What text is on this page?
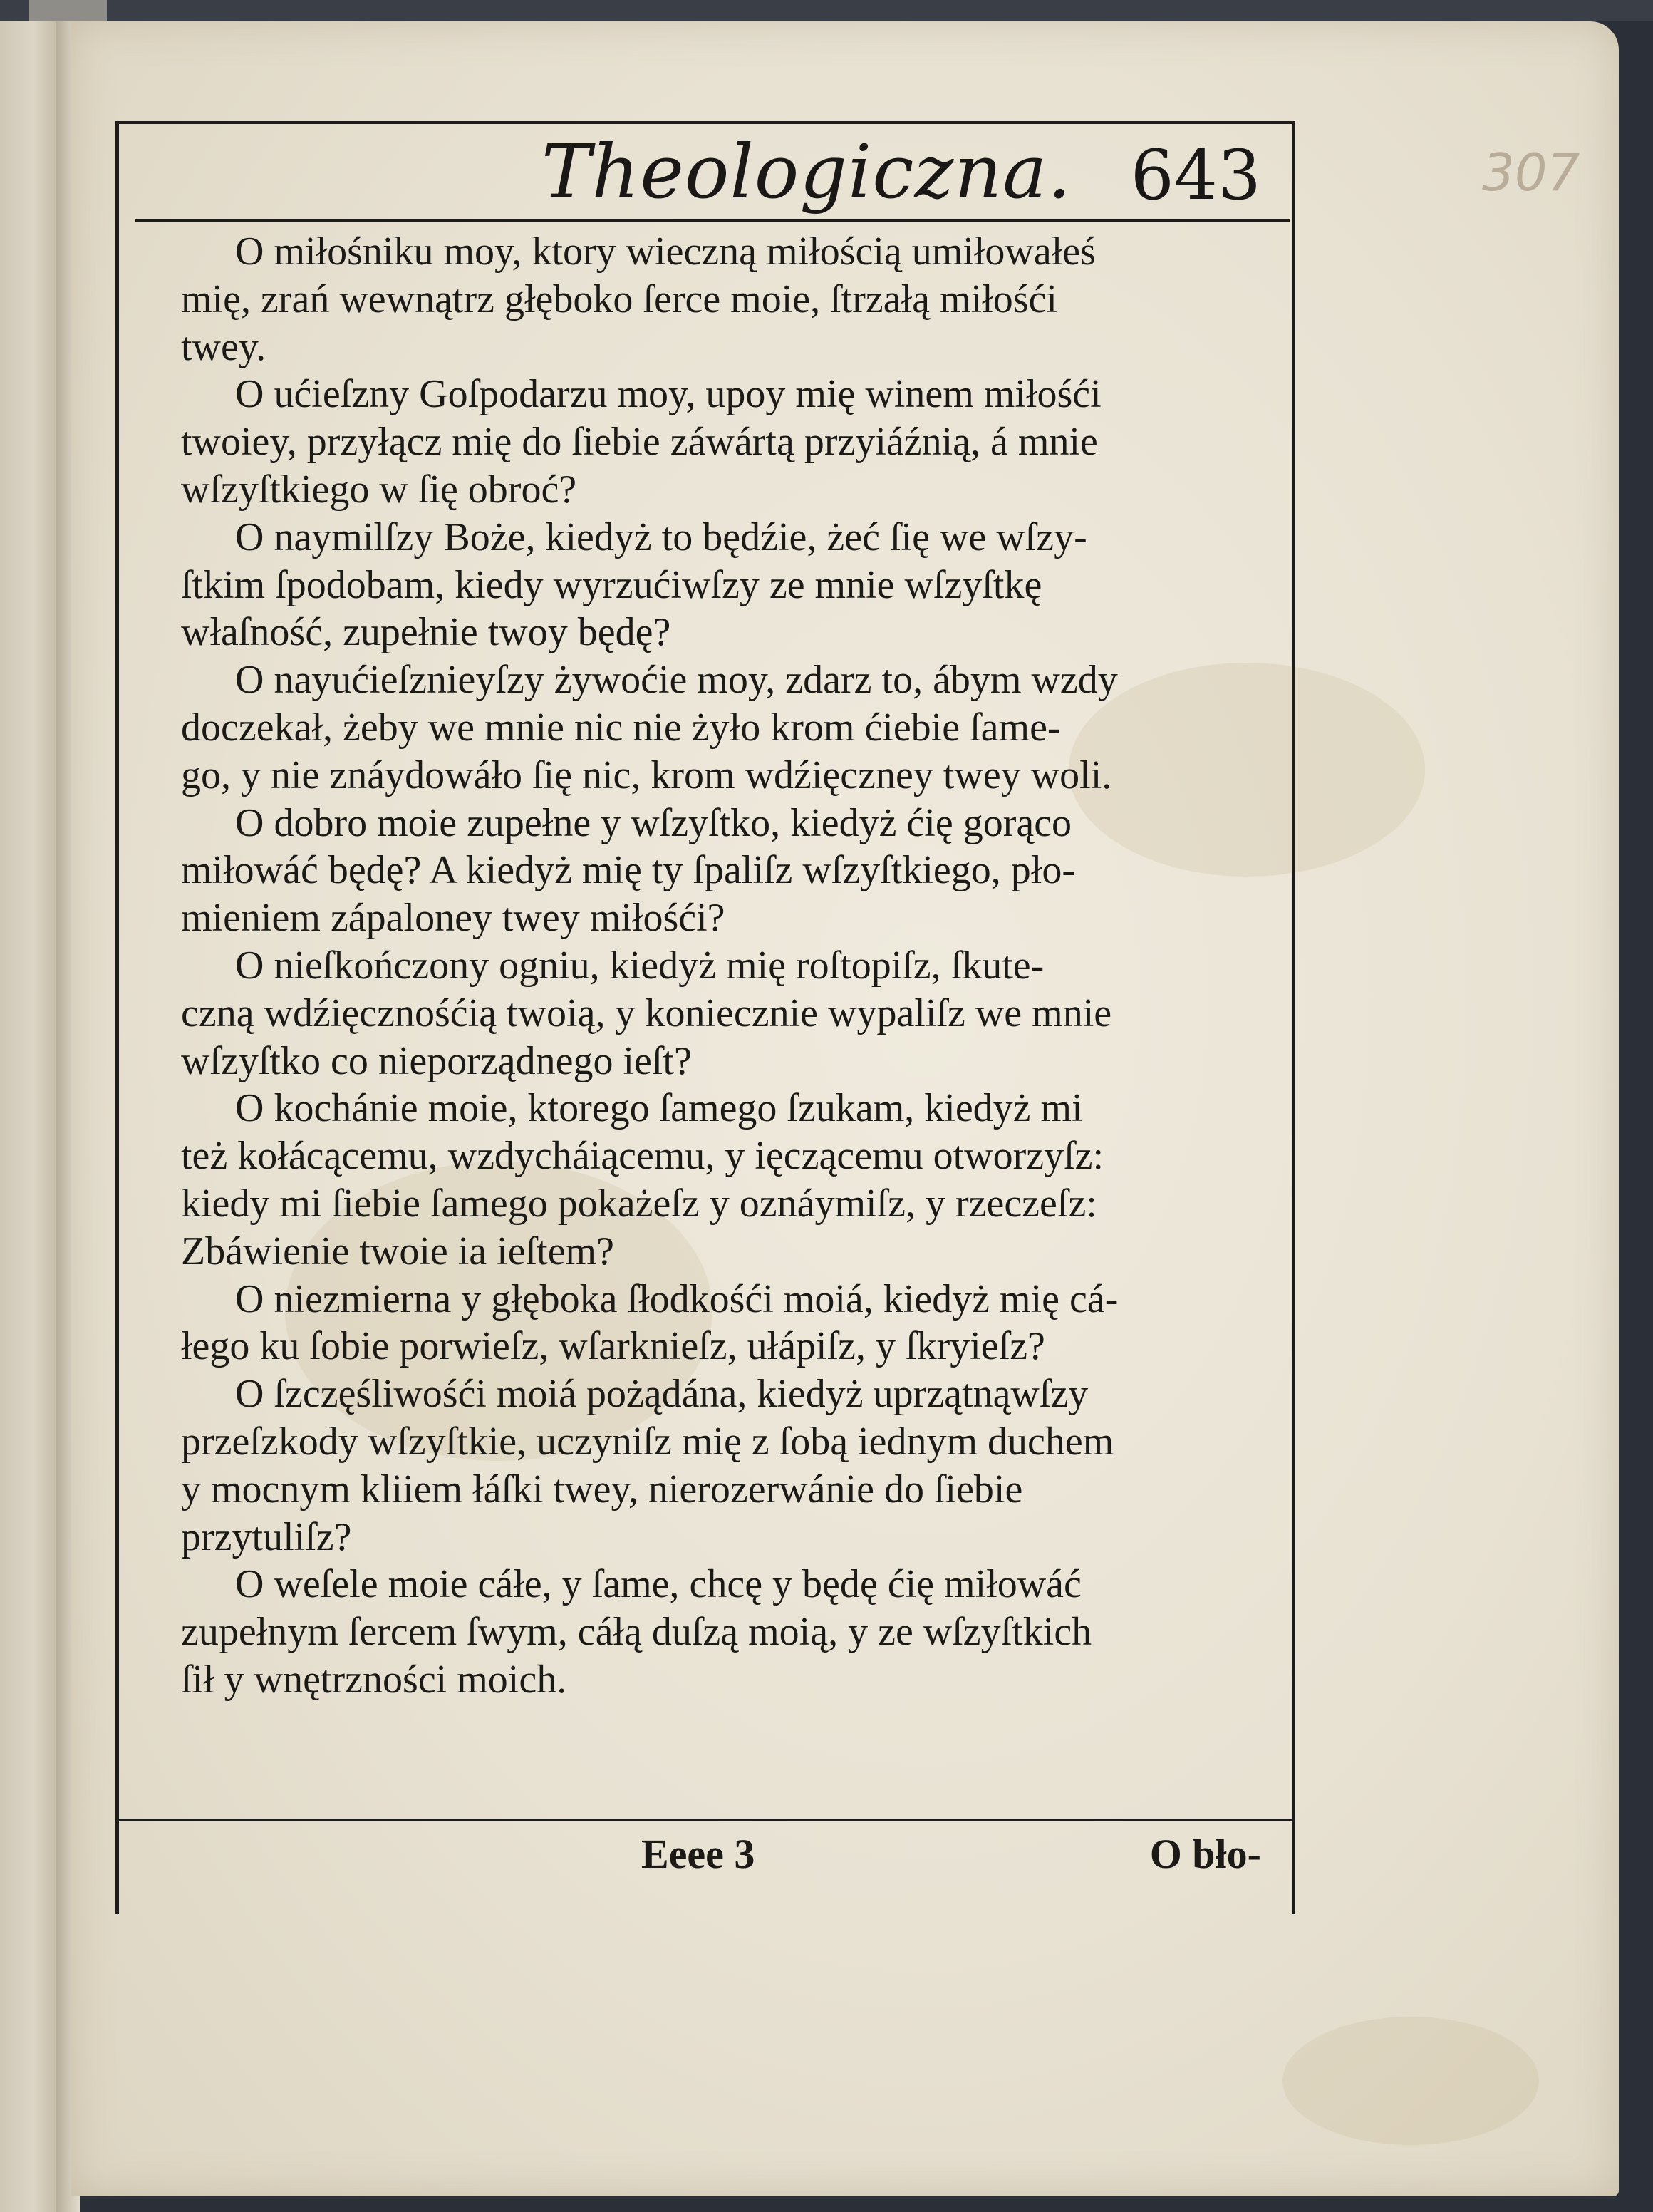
Theologiczna. 643	307

O miłośniku moy, ktory wieczną miłością umiłowałeś
mię, zrań wewnątrz głęboko ſerce moie, ſtrzałą miłośći
twey.

O ućieſzny Goſpodarzu moy, upoy mię winem miłośći
twoiey, przyłącz mię do ſiebie záwártą przyiáźnią, á mnie
wſzyſtkiego w ſię obroć?

O naymilſzy Boże, kiedyż to będźie, żeć ſię we wſzy-
ſtkim ſpodobam, kiedy wyrzućiwſzy ze mnie wſzyſtkę
właſność, zupełnie twoy będę?

O nayućieſznieyſzy żywoćie moy, zdarz to, ábym wzdy
doczekał, żeby we mnie nic nie żyło krom ćiebie ſame-
go, y nie znáydowáło ſię nic, krom wdźięczney twey woli.

O dobro moie zupełne y wſzyſtko, kiedyż ćię gorąco
miłowáć będę? A kiedyż mię ty ſpaliſz wſzyſtkiego, pło-
mieniem zápaloney twey miłośći?

O nieſkończony ogniu, kiedyż mię roſtopiſz, ſkute-
czną wdźięcznośćią twoią, y koniecznie wypaliſz we mnie
wſzyſtko co nieporządnego ieſt?

O kochánie moie, ktorego ſamego ſzukam, kiedyż mi
też kołácącemu, wzdycháiącemu, y ięczącemu otworzyſz:
kiedy mi ſiebie ſamego pokażeſz y oznáymiſz, y rzeczeſz:
Zbáwienie twoie ia ieſtem?

O niezmierna y głęboka ſłodkośći moiá, kiedyż mię cá-
łego ku ſobie porwieſz, wſarknieſz, ułápiſz, y ſkryieſz?

O ſzczęśliwośći moiá pożądána, kiedyż uprzątnąwſzy
przeſzkody wſzyſtkie, uczyniſz mię z ſobą iednym duchem
y mocnym kliiem łáſki twey, nierozerwánie do ſiebie
przytuliſz?

O weſele moie cáłe, y ſame, chcę y będę ćię miłowáć
zupełnym ſercem ſwym, cáłą duſzą moią, y ze wſzyſtkich
ſił y wnętrzności moich.

Eeee 3	O bło-
